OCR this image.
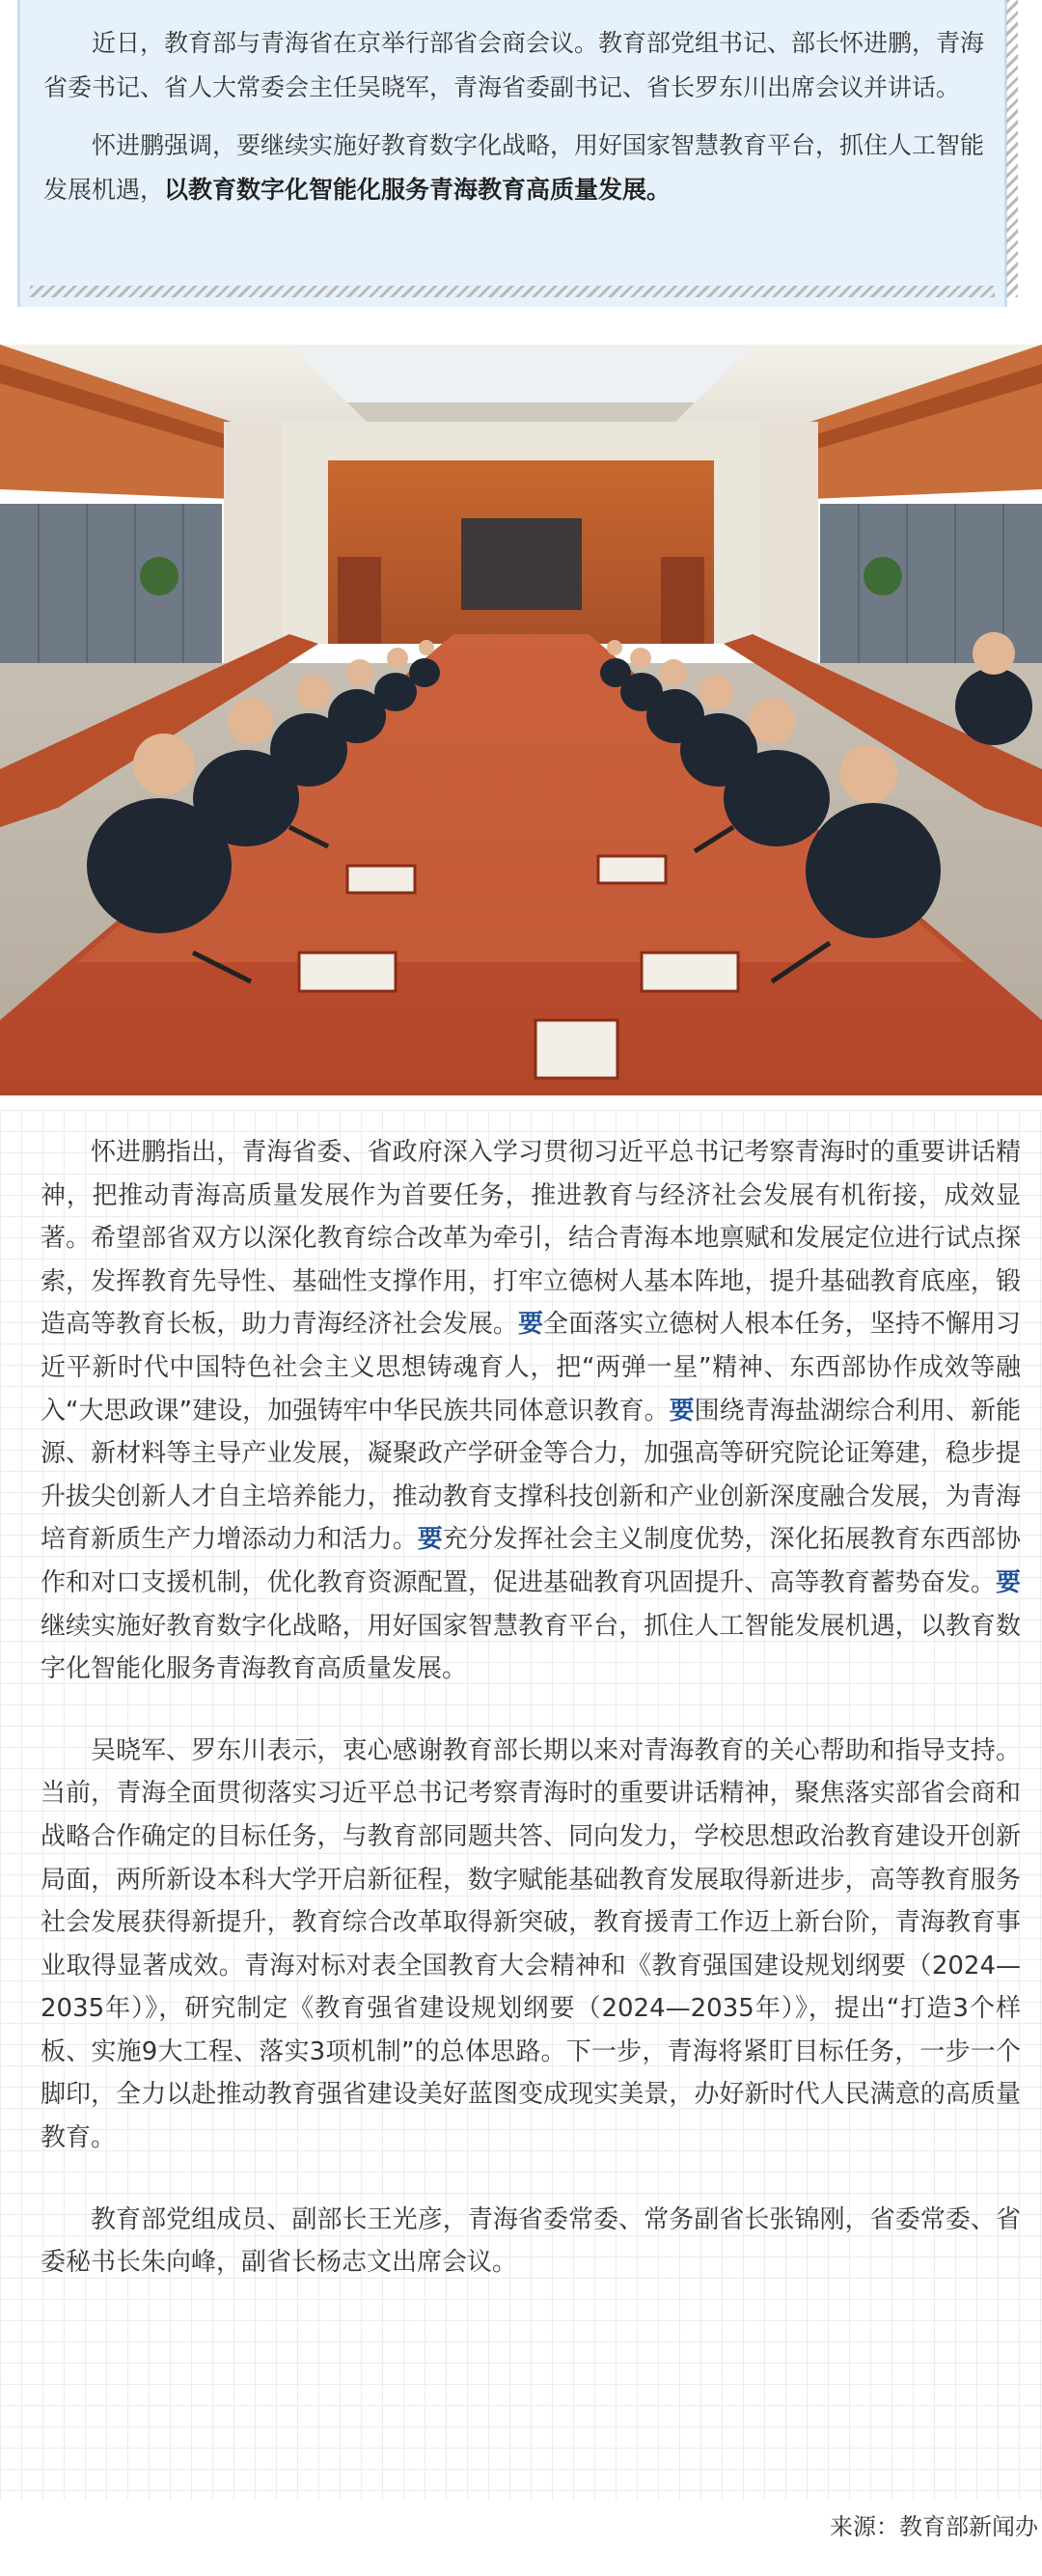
近日，教育部与青海省在京举行部省会商会议。教育部党组书记、部长怀进鹏，青海省委书记、省人大常委会主任吴晓军，青海省委副书记、省长罗东川出席会议并讲话。

怀进鹏强调，要继续实施好教育数字化战略，用好国家智慧教育平台，抓住人工智能发展机遇，以教育数字化智能化服务青海教育高质量发展。

怀进鹏指出，青海省委、省政府深入学习贯彻习近平总书记考察青海时的重要讲话精神，把推动青海高质量发展作为首要任务，推进教育与经济社会发展有机衔接，成效显著。希望部省双方以深化教育综合改革为牵引，结合青海本地禀赋和发展定位进行试点探索，发挥教育先导性、基础性支撑作用，打牢立德树人基本阵地，提升基础教育底座，锻造高等教育长板，助力青海经济社会发展。要全面落实立德树人根本任务，坚持不懈用习近平新时代中国特色社会主义思想铸魂育人，把“两弹一星”精神、东西部协作成效等融入“大思政课”建设，加强铸牢中华民族共同体意识教育。要围绕青海盐湖综合利用、新能源、新材料等主导产业发展，凝聚政产学研金等合力，加强高等研究院论证筹建，稳步提升拔尖创新人才自主培养能力，推动教育支撑科技创新和产业创新深度融合发展，为青海培育新质生产力增添动力和活力。要充分发挥社会主义制度优势，深化拓展教育东西部协作和对口支援机制，优化教育资源配置，促进基础教育巩固提升、高等教育蓄势奋发。要继续实施好教育数字化战略，用好国家智慧教育平台，抓住人工智能发展机遇，以教育数字化智能化服务青海教育高质量发展。

吴晓军、罗东川表示，衷心感谢教育部长期以来对青海教育的关心帮助和指导支持。当前，青海全面贯彻落实习近平总书记考察青海时的重要讲话精神，聚焦落实部省会商和战略合作确定的目标任务，与教育部同题共答、同向发力，学校思想政治教育建设开创新局面，两所新设本科大学开启新征程，数字赋能基础教育发展取得新进步，高等教育服务社会发展获得新提升，教育综合改革取得新突破，教育援青工作迈上新台阶，青海教育事业取得显著成效。青海对标对表全国教育大会精神和《教育强国建设规划纲要（2024—2035年）》，研究制定《教育强省建设规划纲要（2024—2035年）》，提出“打造3个样板、实施9大工程、落实3项机制”的总体思路。下一步，青海将紧盯目标任务，一步一个脚印，全力以赴推动教育强省建设美好蓝图变成现实美景，办好新时代人民满意的高质量教育。

教育部党组成员、副部长王光彦，青海省委常委、常务副省长张锦刚，省委常委、省委秘书长朱向峰，副省长杨志文出席会议。

来源：教育部新闻办
